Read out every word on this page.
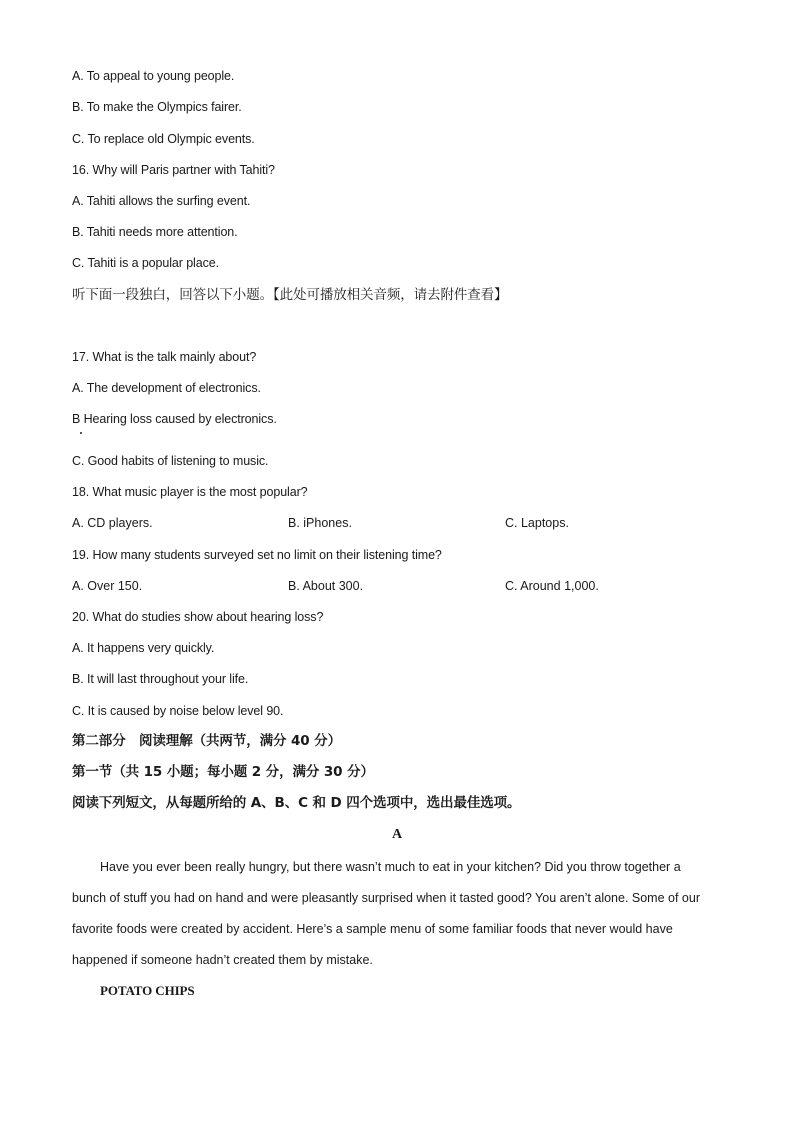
A. To appeal to young people.

B. To make the Olympics fairer.

C. To replace old Olympic events.

16. Why will Paris partner with Tahiti?

A. Tahiti allows the surfing event.

B. Tahiti needs more attention.

C. Tahiti is a popular place.

听下面一段独白，回答以下小题。【此处可播放相关音频，请去附件查看】

17. What is the talk mainly about?

A. The development of electronics.

B Hearing loss caused by electronics.

C. Good habits of listening to music.

18. What music player is the most popular?

A. CD players.	B. iPhones.	C. Laptops.

19. How many students surveyed set no limit on their listening time?

A. Over 150.	B. About 300.	C. Around 1,000.

20. What do studies show about hearing loss?

A. It happens very quickly.

B. It will last throughout your life.

C. It is caused by noise below level 90.

第二部分　阅读理解（共两节，满分 40 分）

第一节（共 15 小题；每小题 2 分，满分 30 分）

阅读下列短文，从每题所给的 A、B、C 和 D 四个选项中，选出最佳选项。

A
Have you ever been really hungry, but there wasn’t much to eat in your kitchen? Did you throw together a
bunch of stuff you had on hand and were pleasantly surprised when it tasted good? You aren’t alone. Some of our
favorite foods were created by accident. Here’s a sample menu of some familiar foods that never would have
happened if someone hadn’t created them by mistake.

POTATO CHIPS
